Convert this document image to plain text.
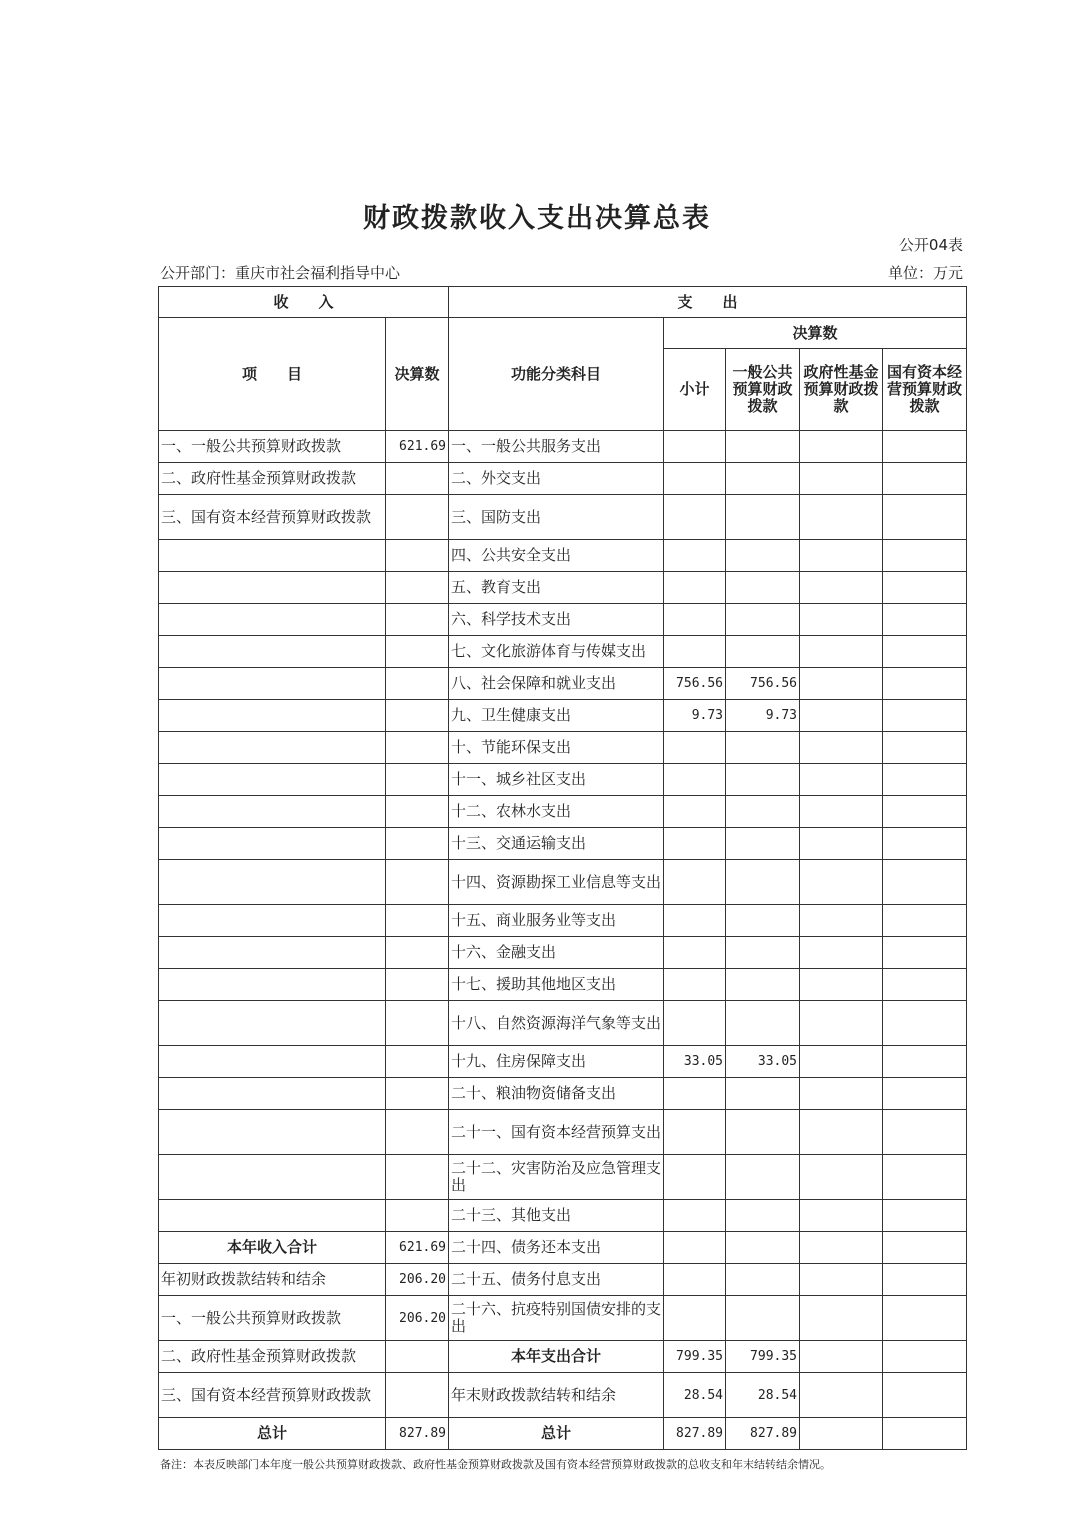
财政拨款收入支出决算总表
公开04表
公开部门：重庆市社会福利指导中心	单位：万元
收　　入		支　　出				
项　　目	决算数	功能分类科目	决算数			
			小计	一般公共预算财政拨款	政府性基金预算财政拨款	国有资本经营预算财政拨款
一、一般公共预算财政拨款	621.69	一、一般公共服务支出				
二、政府性基金预算财政拨款		二、外交支出				
三、国有资本经营预算财政拨款		三、国防支出				
		四、公共安全支出				
		五、教育支出				
		六、科学技术支出				
		七、文化旅游体育与传媒支出				
		八、社会保障和就业支出	756.56	756.56		
		九、卫生健康支出	9.73	9.73		
		十、节能环保支出				
		十一、城乡社区支出				
		十二、农林水支出				
		十三、交通运输支出				
		十四、资源勘探工业信息等支出				
		十五、商业服务业等支出				
		十六、金融支出				
		十七、援助其他地区支出				
		十八、自然资源海洋气象等支出				
		十九、住房保障支出	33.05	33.05		
		二十、粮油物资储备支出				
		二十一、国有资本经营预算支出				
		二十二、灾害防治及应急管理支出				
		二十三、其他支出				
本年收入合计	621.69	二十四、债务还本支出				
年初财政拨款结转和结余	206.20	二十五、债务付息支出				
一、一般公共预算财政拨款	206.20	二十六、抗疫特别国债安排的支出				
二、政府性基金预算财政拨款		本年支出合计	799.35	799.35		
三、国有资本经营预算财政拨款		年末财政拨款结转和结余	28.54	28.54		
总计	827.89	总计	827.89	827.89		
备注：本表反映部门本年度一般公共预算财政拨款、政府性基金预算财政拨款及国有资本经营预算财政拨款的总收支和年末结转结余情况。
